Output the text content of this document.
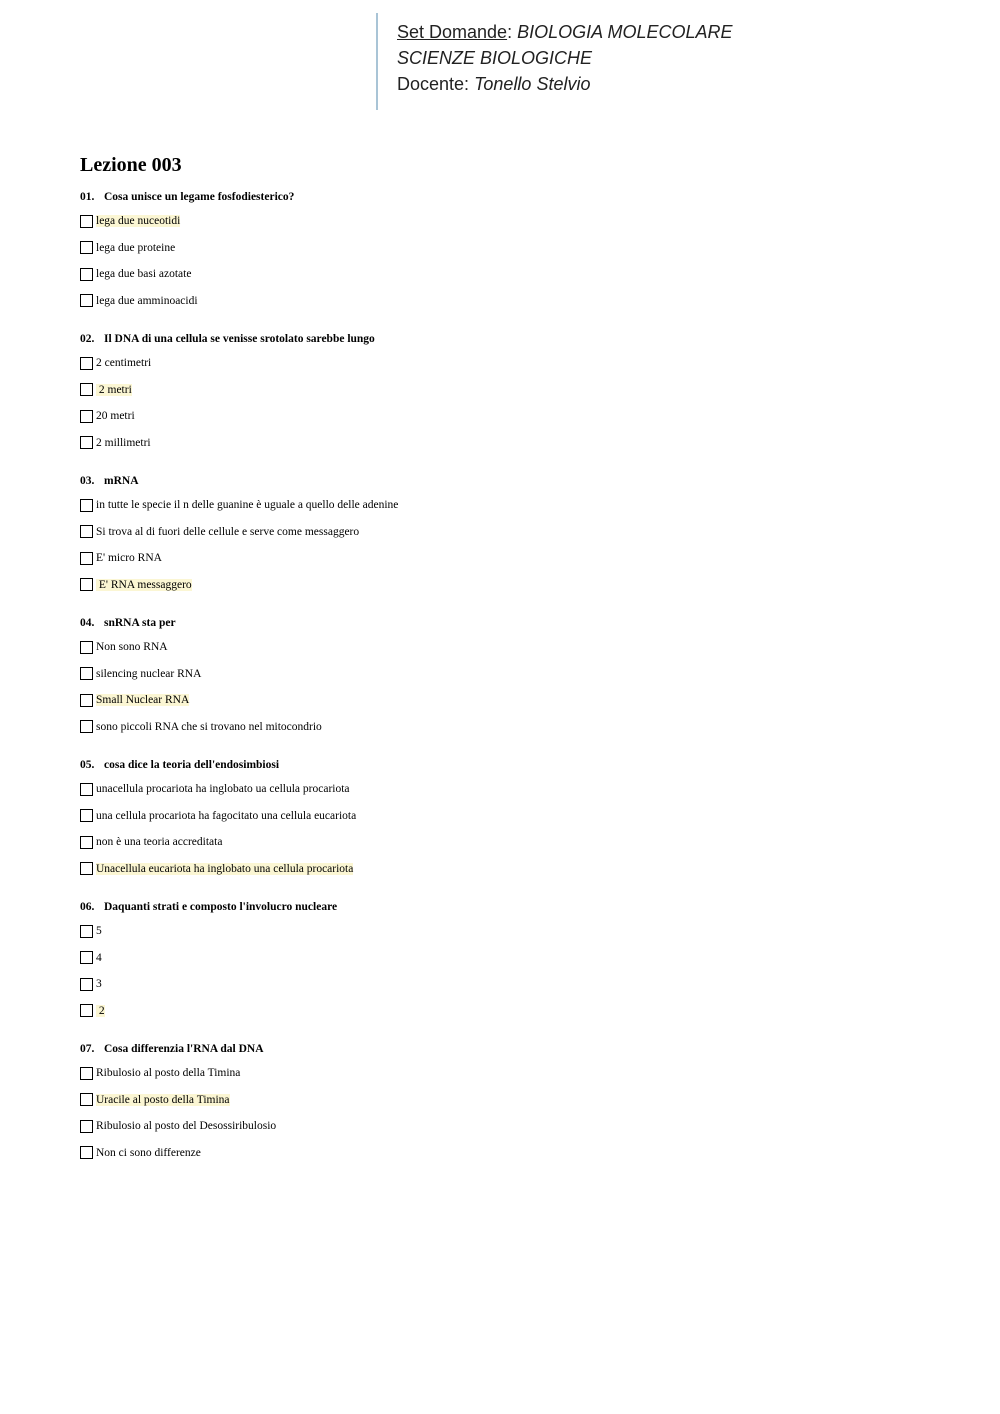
Set Domande: BIOLOGIA MOLECOLARE
SCIENZE BIOLOGICHE
Docente: Tonello Stelvio
Lezione 003
01. Cosa unisce un legame fosfodiesterico?
lega due nuceotidi
lega due proteine
lega due basi azotate
lega due amminoacidi
02. Il DNA di una cellula se venisse srotolato sarebbe lungo
2 centimetri
2 metri
20 metri
2 millimetri
03. mRNA
in tutte le specie il n delle guanine è uguale a quello delle adenine
Si trova al di fuori delle cellule e serve come messaggero
E' micro RNA
E' RNA messaggero
04. snRNA sta per
Non sono RNA
silencing nuclear RNA
Small Nuclear RNA
sono piccoli RNA che si trovano nel mitocondrio
05. cosa dice la teoria dell'endosimbiosi
unacellula procariota ha inglobato ua cellula procariota
una cellula procariota ha fagocitato una cellula eucariota
non è una teoria accreditata
Unacellula eucariota ha inglobato una cellula procariota
06. Daquanti strati e composto l'involucro nucleare
5
4
3
2
07. Cosa differenzia l'RNA dal DNA
Ribulosio al posto della Timina
Uracile al posto della Timina
Ribulosio al posto del Desossiribulosio
Non ci sono differenze
